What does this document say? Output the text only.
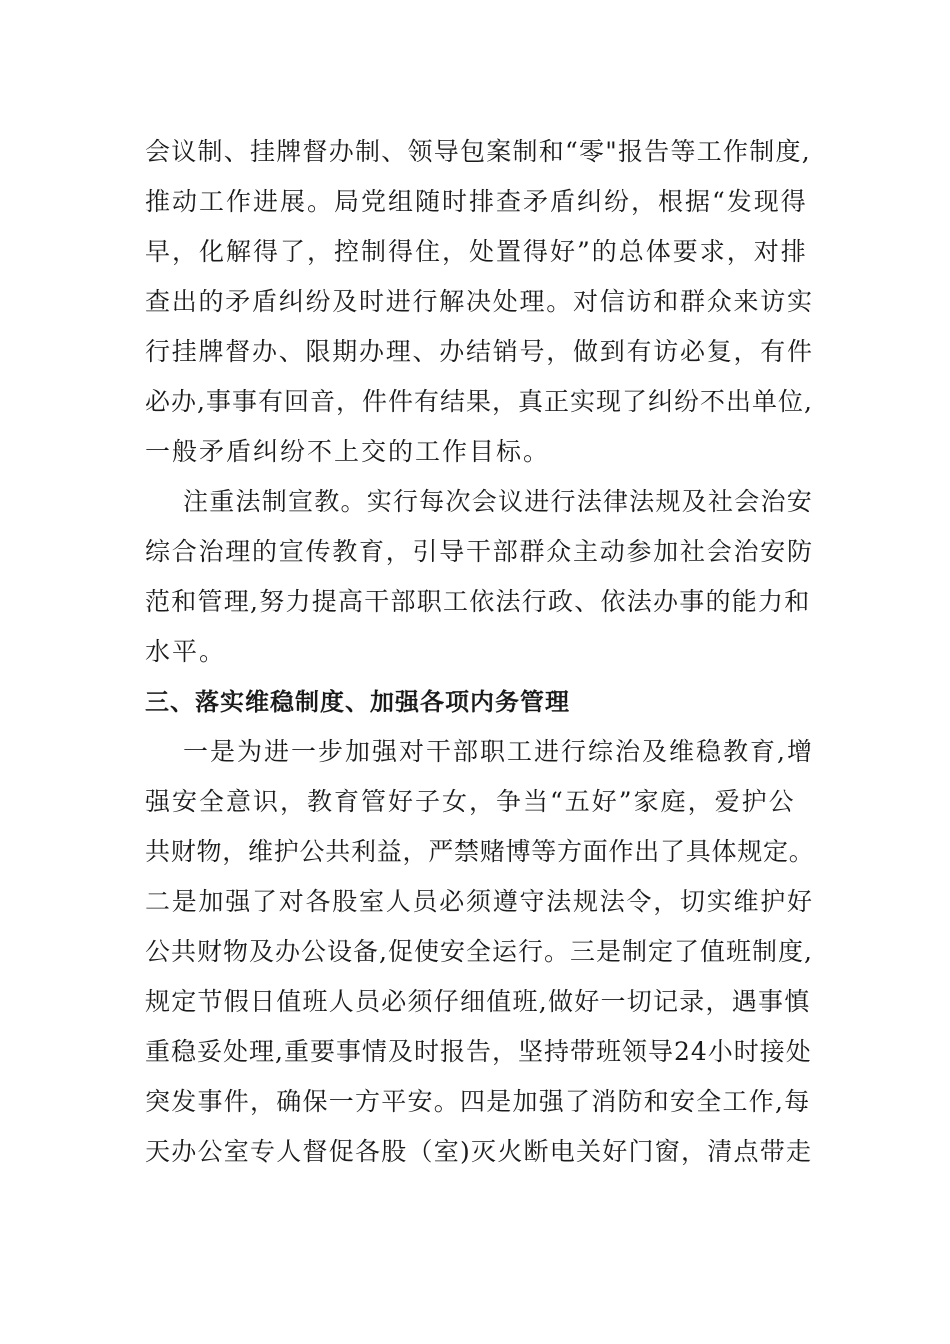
会议制、挂牌督办制、领导包案制和“零"报告等工作制度,
推动工作进展。局党组随时排查矛盾纠纷，根据“发现得
早，化解得了，控制得住，处置得好”的总体要求，对排
查出的矛盾纠纷及时进行解决处理。对信访和群众来访实
行挂牌督办、限期办理、办结销号，做到有访必复，有件
必办,事事有回音，件件有结果，真正实现了纠纷不出单位,
一般矛盾纠纷不上交的工作目标。
注重法制宣教。实行每次会议进行法律法规及社会治安
综合治理的宣传教育，引导干部群众主动参加社会治安防
范和管理,努力提高干部职工依法行政、依法办事的能力和
水平。
三、落实维稳制度、加强各项内务管理
一是为进一步加强对干部职工进行综治及维稳教育,增
强安全意识，教育管好子女，争当“五好”家庭，爱护公
共财物，维护公共利益，严禁赌博等方面作出了具体规定。
二是加强了对各股室人员必须遵守法规法令，切实维护好
公共财物及办公设备,促使安全运行。三是制定了值班制度,
规定节假日值班人员必须仔细值班,做好一切记录，遇事慎
重稳妥处理,重要事情及时报告，坚持带班领导24小时接处
突发事件，确保一方平安。四是加强了消防和安全工作,每
天办公室专人督促各股（室)灭火断电关好门窗，清点带走
